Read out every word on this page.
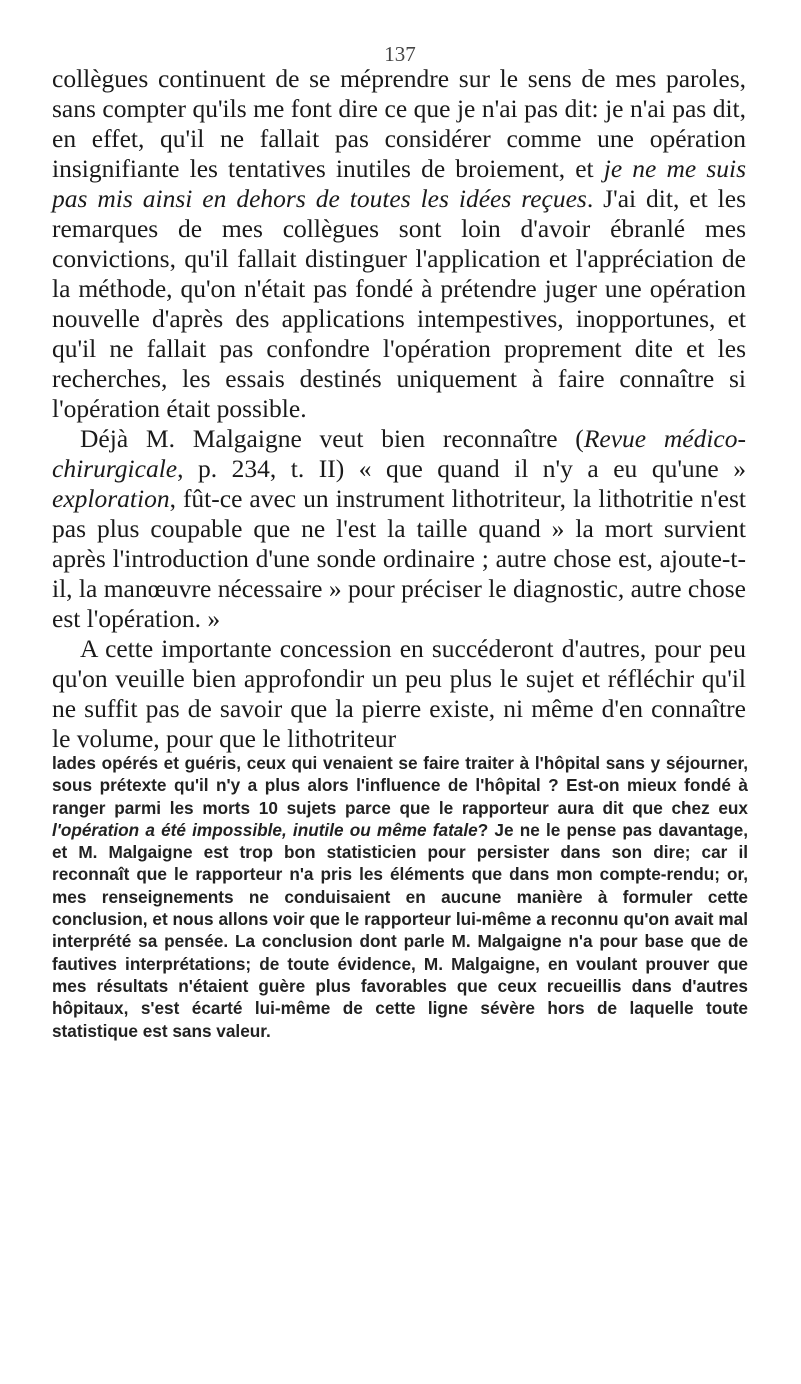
137

collègues continuent de se méprendre sur le sens de mes paroles, sans compter qu'ils me font dire ce que je n'ai pas dit: je n'ai pas dit, en effet, qu'il ne fallait pas considérer comme une opération insignifiante les tentatives inutiles de broiement, et je ne me suis pas mis ainsi en dehors de toutes les idées reçues. J'ai dit, et les remarques de mes collègues sont loin d'avoir ébranlé mes convictions, qu'il fallait distinguer l'application et l'appréciation de la méthode, qu'on n'était pas fondé à prétendre juger une opération nouvelle d'après des applications intempestives, inopportunes, et qu'il ne fallait pas confondre l'opération proprement dite et les recherches, les essais destinés uniquement à faire connaître si l'opération était possible.

Déjà M. Malgaigne veut bien reconnaître (Revue médico-chirurgicale, p. 234, t. II) « que quand il n'y a eu qu'une » exploration, fût-ce avec un instrument lithotriteur, la lithotritie n'est pas plus coupable que ne l'est la taille quand » la mort survient après l'introduction d'une sonde ordinaire ; autre chose est, ajoute-t-il, la manœuvre nécessaire » pour préciser le diagnostic, autre chose est l'opération. »

A cette importante concession en succéderont d'autres, pour peu qu'on veuille bien approfondir un peu plus le sujet et réfléchir qu'il ne suffit pas de savoir que la pierre existe, ni même d'en connaître le volume, pour que le lithotriteur

lades opérés et guéris, ceux qui venaient se faire traiter à l'hôpital sans y séjourner, sous prétexte qu'il n'y a plus alors l'influence de l'hôpital ? Est-on mieux fondé à ranger parmi les morts 10 sujets parce que le rapporteur aura dit que chez eux l'opération a été impossible, inutile ou même fatale? Je ne le pense pas davantage, et M. Malgaigne est trop bon statisticien pour persister dans son dire; car il reconnaît que le rapporteur n'a pris les éléments que dans mon compte-rendu; or, mes renseignements ne conduisaient en aucune manière à formuler cette conclusion, et nous allons voir que le rapporteur lui-même a reconnu qu'on avait mal interprété sa pensée. La conclusion dont parle M. Malgaigne n'a pour base que de fautives interprétations; de toute évidence, M. Malgaigne, en voulant prouver que mes résultats n'étaient guère plus favorables que ceux recueillis dans d'autres hôpitaux, s'est écarté lui-même de cette ligne sévère hors de laquelle toute statistique est sans valeur.
